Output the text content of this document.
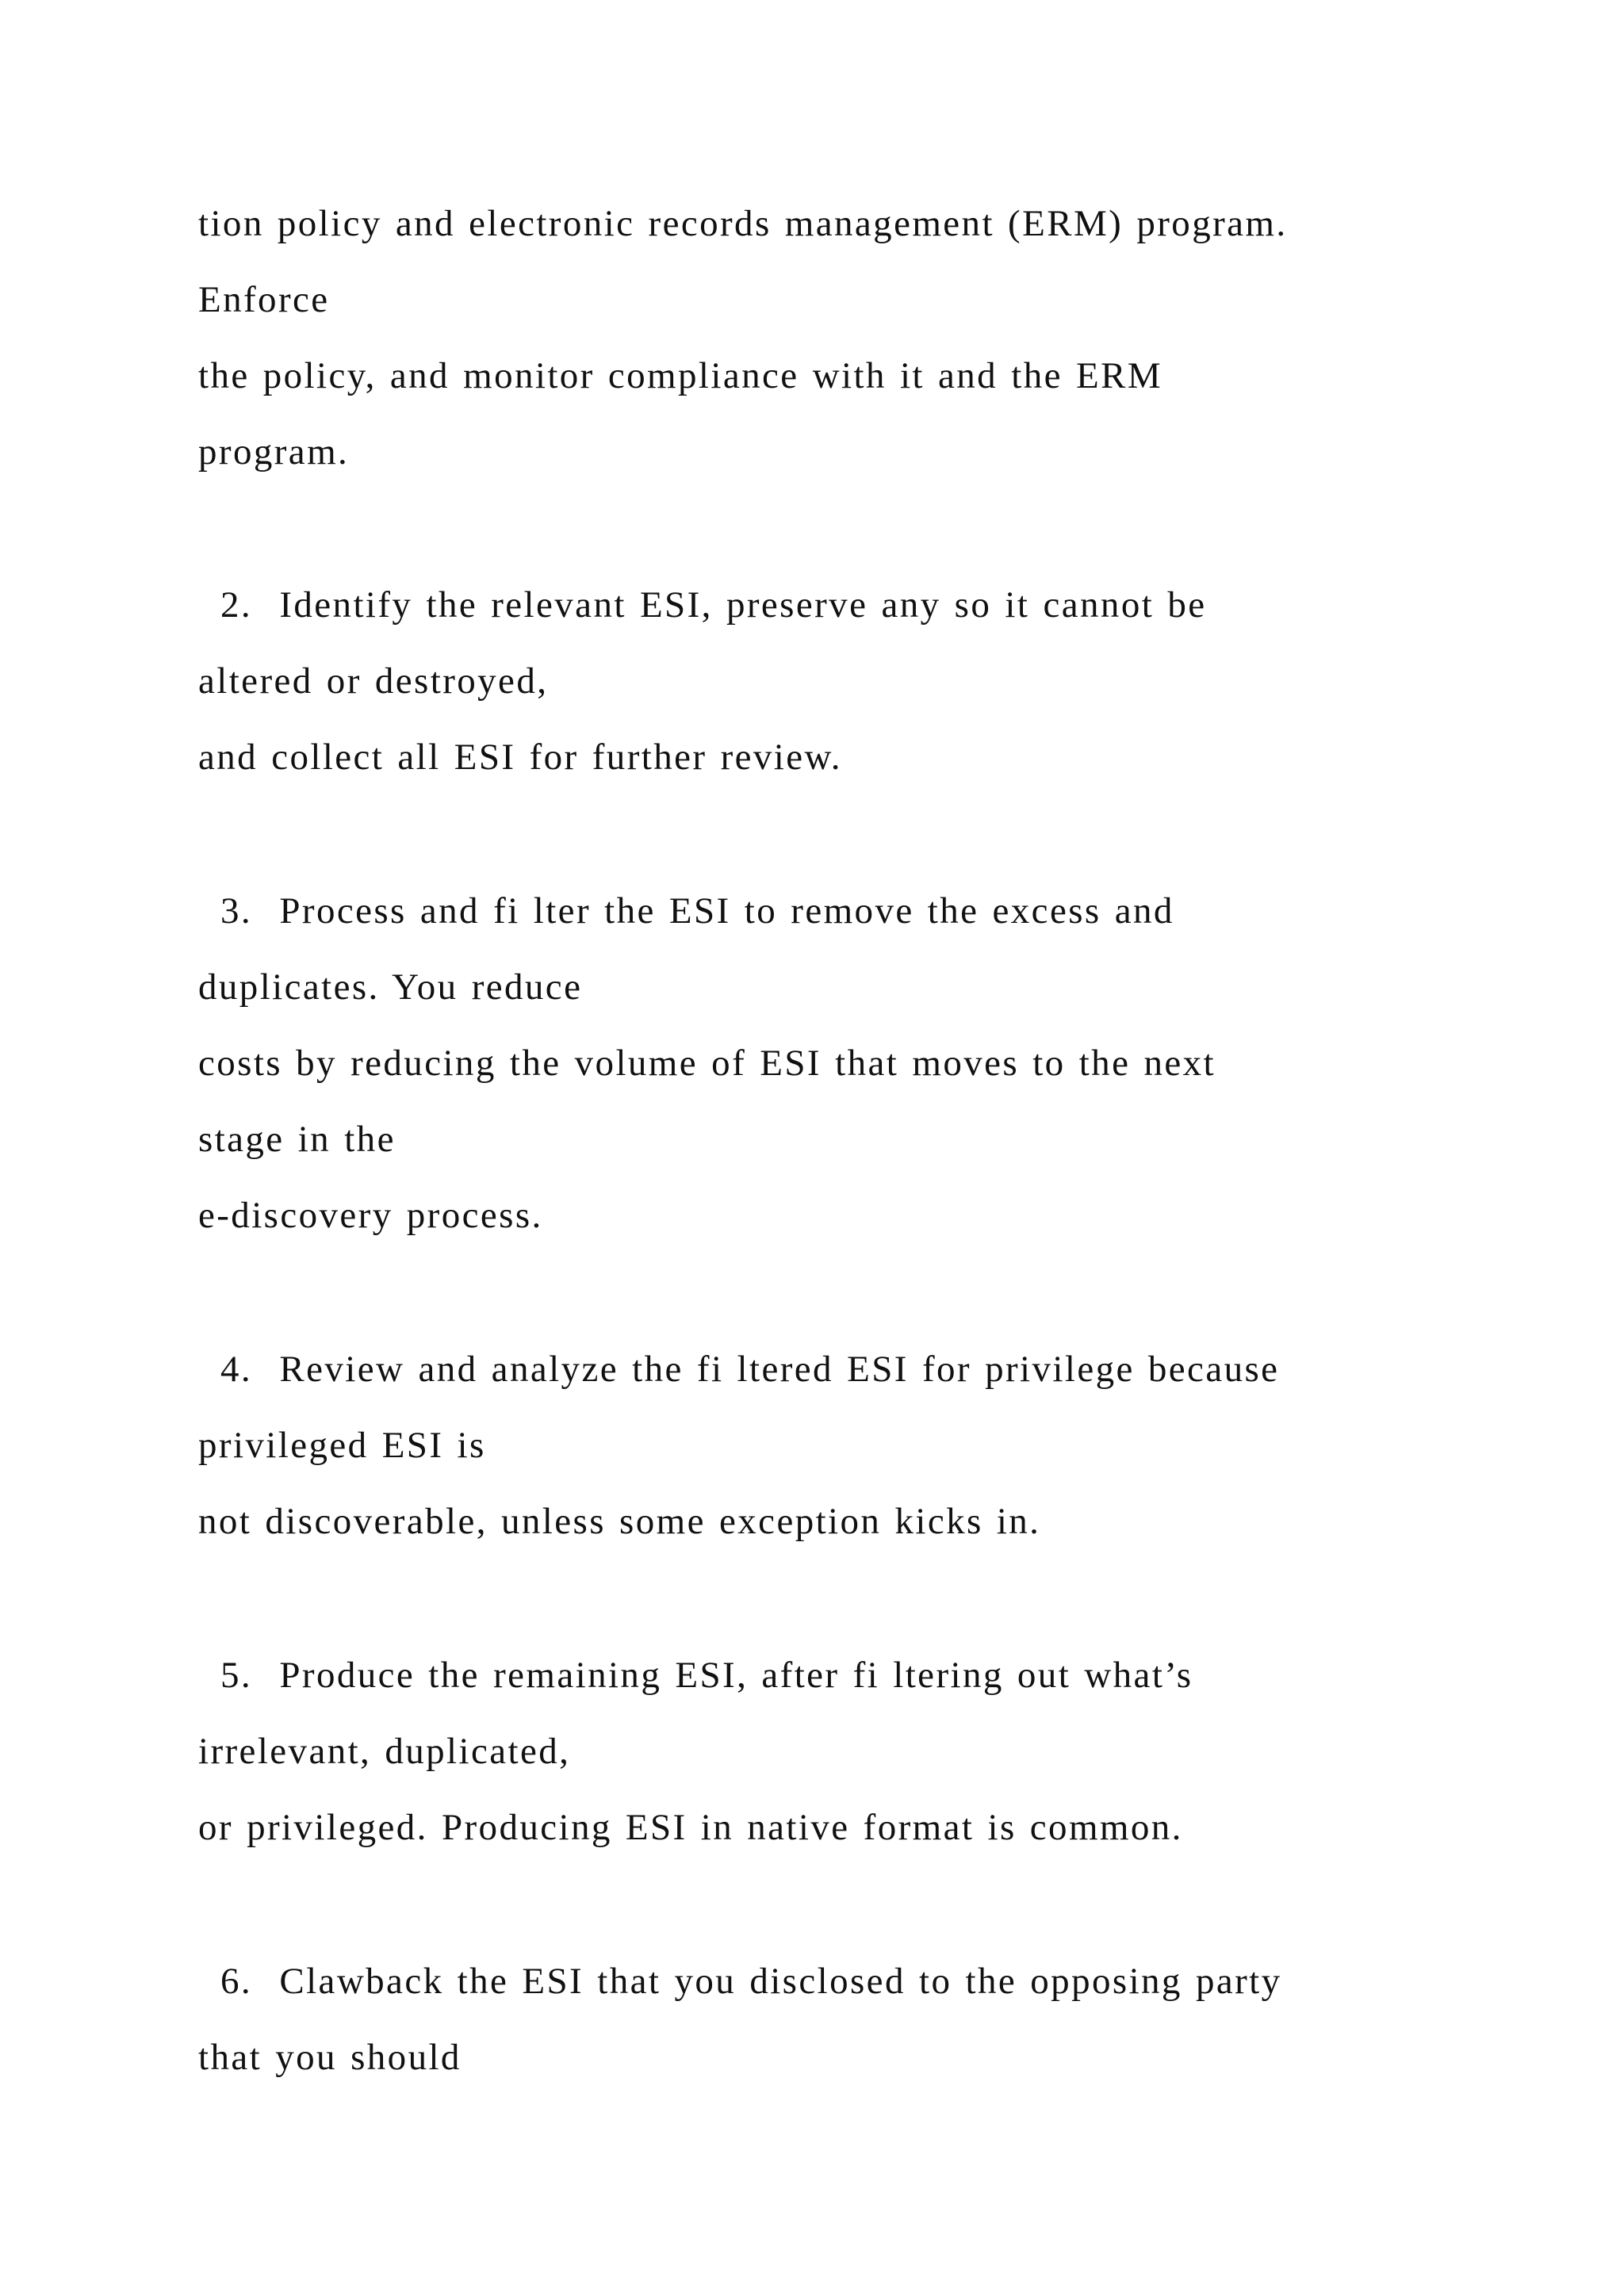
tion policy and electronic records management (ERM) program.
Enforce
the policy, and monitor compliance with it and the ERM
program.
2.  Identify the relevant ESI, preserve any so it cannot be
altered or destroyed,
and collect all ESI for further review.
3.  Process and fi lter the ESI to remove the excess and
duplicates. You reduce
costs by reducing the volume of ESI that moves to the next
stage in the
e-discovery process.
4.  Review and analyze the fi ltered ESI for privilege because
privileged ESI is
not discoverable, unless some exception kicks in.
5.  Produce the remaining ESI, after fi ltering out what’s
irrelevant, duplicated,
or privileged. Producing ESI in native format is common.
6.  Clawback the ESI that you disclosed to the opposing party
that you should
